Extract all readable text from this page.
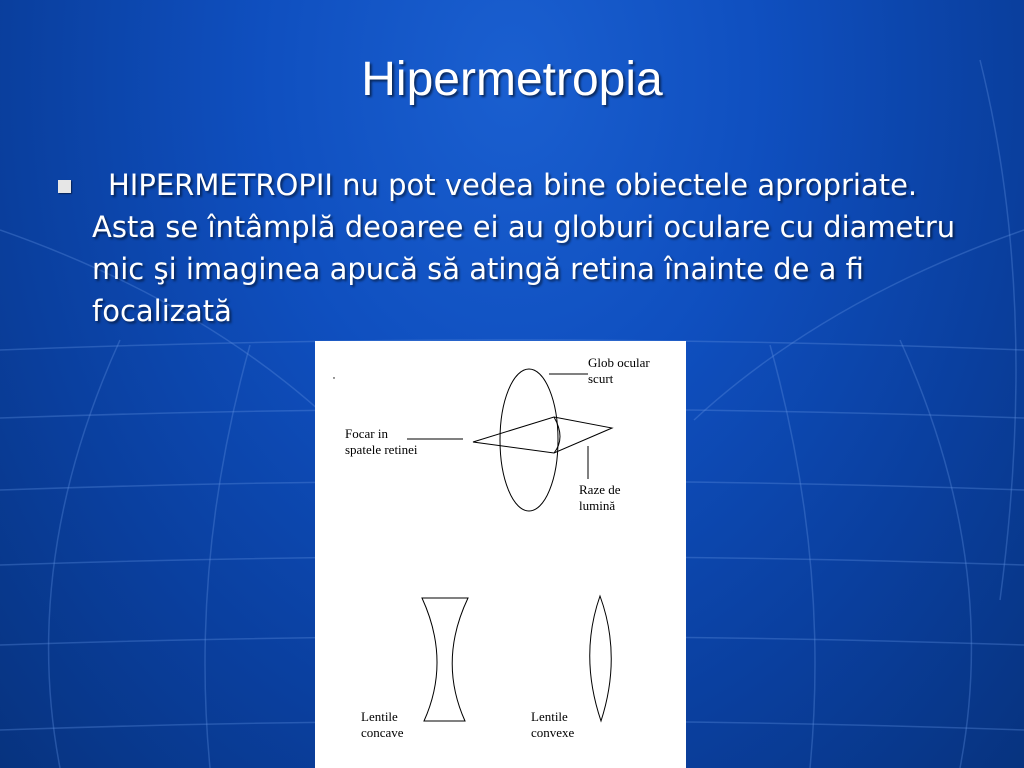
Hipermetropia
HIPERMETROPII nu pot vedea bine obiectele apropriate. Asta se întâmplă deoaree ei au globuri oculare cu diametru mic şi imaginea apucă să atingă retina înainte de a fi focalizată
Glob ocular
scurt
Focar in
spatele retinei
Raze de
lumină
Lentile
concave
Lentile
convexe
